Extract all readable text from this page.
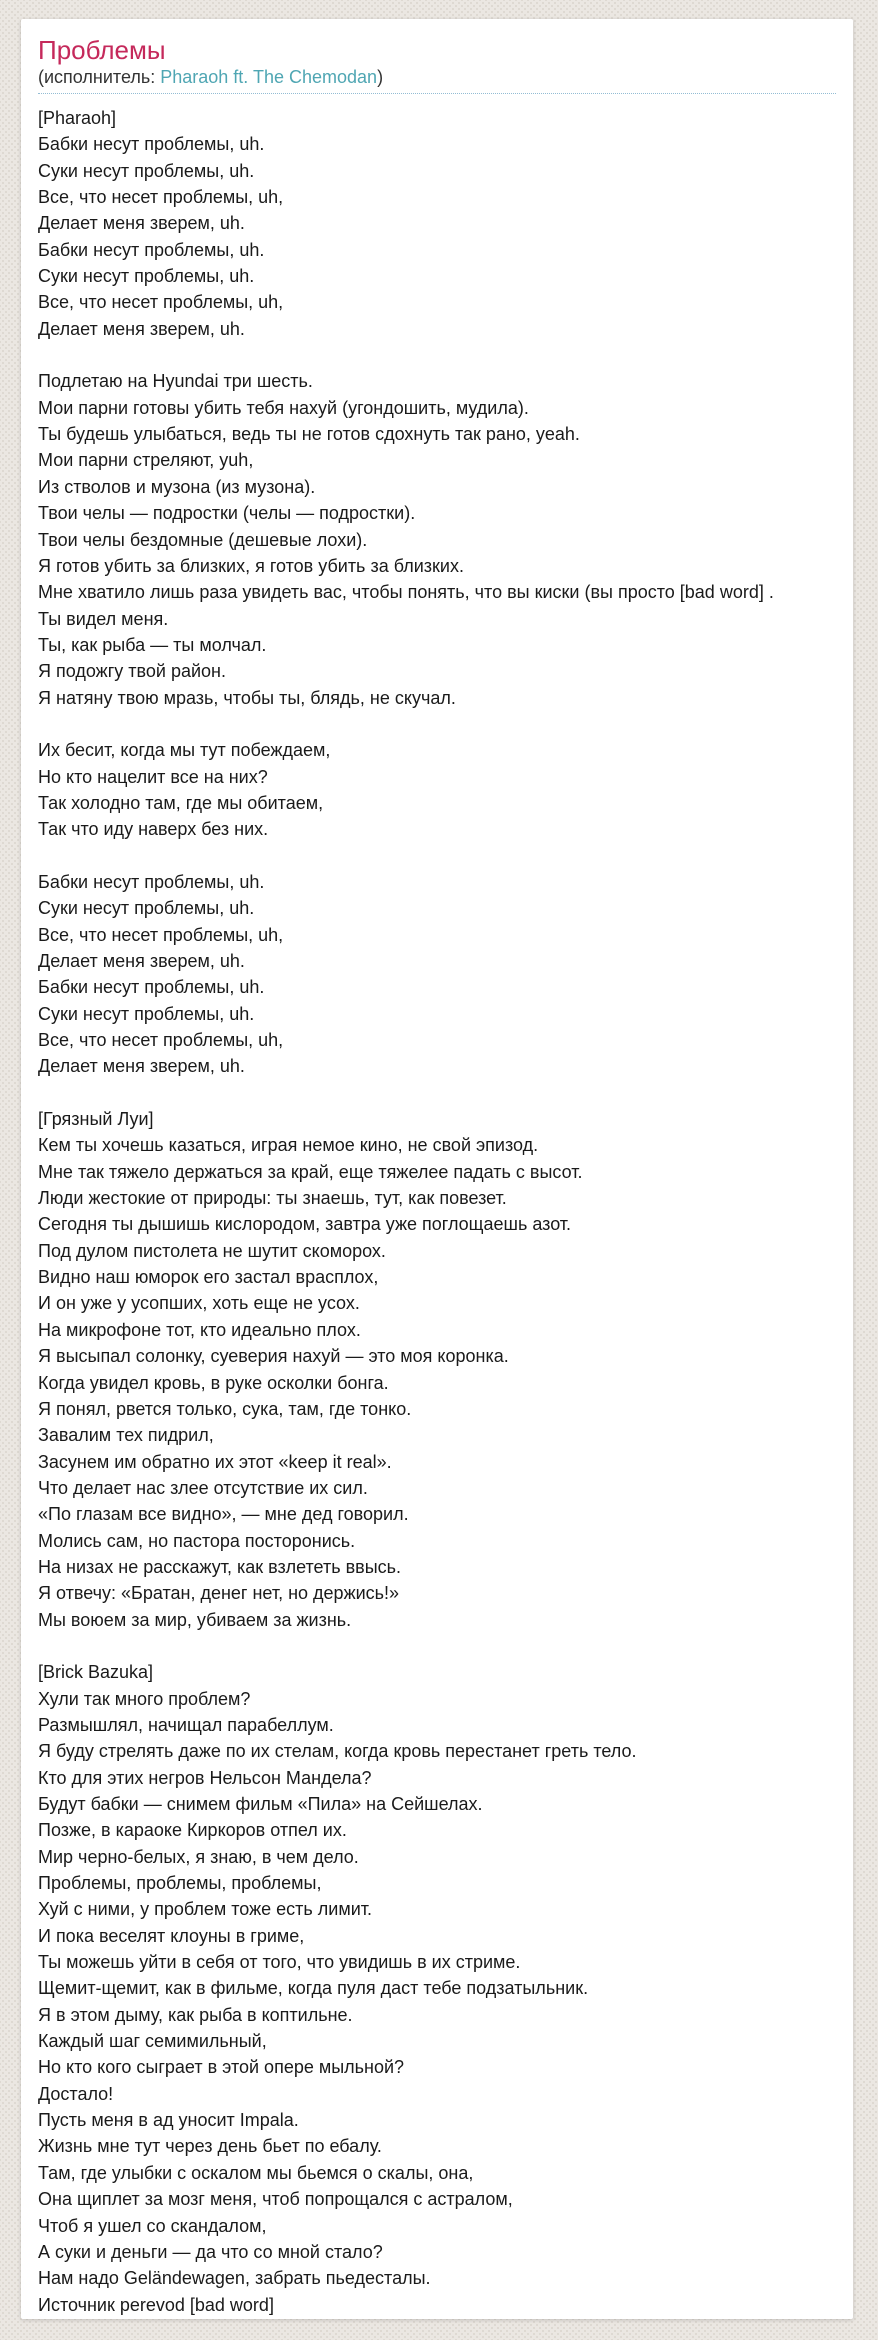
Проблемы
(исполнитель: Pharaoh ft. The Chemodan)
[Pharaoh]
Бабки несут проблемы, uh.
Суки несут проблемы, uh.
Все, что несет проблемы, uh,
Делает меня зверем, uh.
Бабки несут проблемы, uh.
Суки несут проблемы, uh.
Все, что несет проблемы, uh,
Делает меня зверем, uh.

Подлетаю на Hyundai три шесть.
Мои парни готовы убить тебя нахуй (угондошить, мудила).
Ты будешь улыбаться, ведь ты не готов сдохнуть так рано, yeah.
Мои парни стреляют, yuh,
Из стволов и музона (из музона).
Твои челы — подростки (челы — подростки).
Твои челы бездомные (дешевые лохи).
Я готов убить за близких, я готов убить за близких.
Мне хватило лишь раза увидеть вас, чтобы понять, что вы киски (вы просто [bad word] .
Ты видел меня.
Ты, как рыба — ты молчал.
Я подожгу твой район.
Я натяну твою мразь, чтобы ты, блядь, не скучал.

Их бесит, когда мы тут побеждаем,
Но кто нацелит все на них?
Так холодно там, где мы обитаем,
Так что иду наверх без них.

Бабки несут проблемы, uh.
Суки несут проблемы, uh.
Все, что несет проблемы, uh,
Делает меня зверем, uh.
Бабки несут проблемы, uh.
Суки несут проблемы, uh.
Все, что несет проблемы, uh,
Делает меня зверем, uh.

[Грязный Луи]
Кем ты хочешь казаться, играя немое кино, не свой эпизод.
Мне так тяжело держаться за край, еще тяжелее падать с высот.
Люди жестокие от природы: ты знаешь, тут, как повезет.
Сегодня ты дышишь кислородом, завтра уже поглощаешь азот.
Под дулом пистолета не шутит скоморох.
Видно наш юморок его застал врасплох,
И он уже у усопших, хоть еще не усох.
На микрофоне тот, кто идеально плох.
Я высыпал солонку, суеверия нахуй — это моя коронка.
Когда увидел кровь, в руке осколки бонга.
Я понял, рвется только, сука, там, где тонко.
Завалим тех пидрил,
Засунем им обратно их этот «keep it real».
Что делает нас злее отсутствие их сил.
«По глазам все видно», — мне дед говорил.
Молись сам, но пастора посторонись.
На низах не расскажут, как взлететь ввысь.
Я отвечу: «Братан, денег нет, но держись!»
Мы воюем за мир, убиваем за жизнь.

[Brick Bazuka]
Хули так много проблем?
Размышлял, начищал парабеллум.
Я буду стрелять даже по их стелам, когда кровь перестанет греть тело.
Кто для этих негров Нельсон Мандела?
Будут бабки — снимем фильм «Пила» на Сейшелах.
Позже, в караоке Киркоров отпел их.
Мир черно-белых, я знаю, в чем дело.
Проблемы, проблемы, проблемы,
Хуй с ними, у проблем тоже есть лимит.
И пока веселят клоуны в гриме,
Ты можешь уйти в себя от того, что увидишь в их стриме.
Щемит-щемит, как в фильме, когда пуля даст тебе подзатыльник.
Я в этом дыму, как рыба в коптильне.
Каждый шаг семимильный,
Но кто кого сыграет в этой опере мыльной?
Достало!
Пусть меня в ад уносит Impala.
Жизнь мне тут через день бьет по ебалу.
Там, где улыбки с оскалом мы бьемся о скалы, она,
Она щиплет за мозг меня, чтоб попрощался с астралом,
Чтоб я ушел со скандалом,
А суки и деньги — да что со мной стало?
Нам надо Geländewagen, забрать пьедесталы.
Источник perevod [bad word]
